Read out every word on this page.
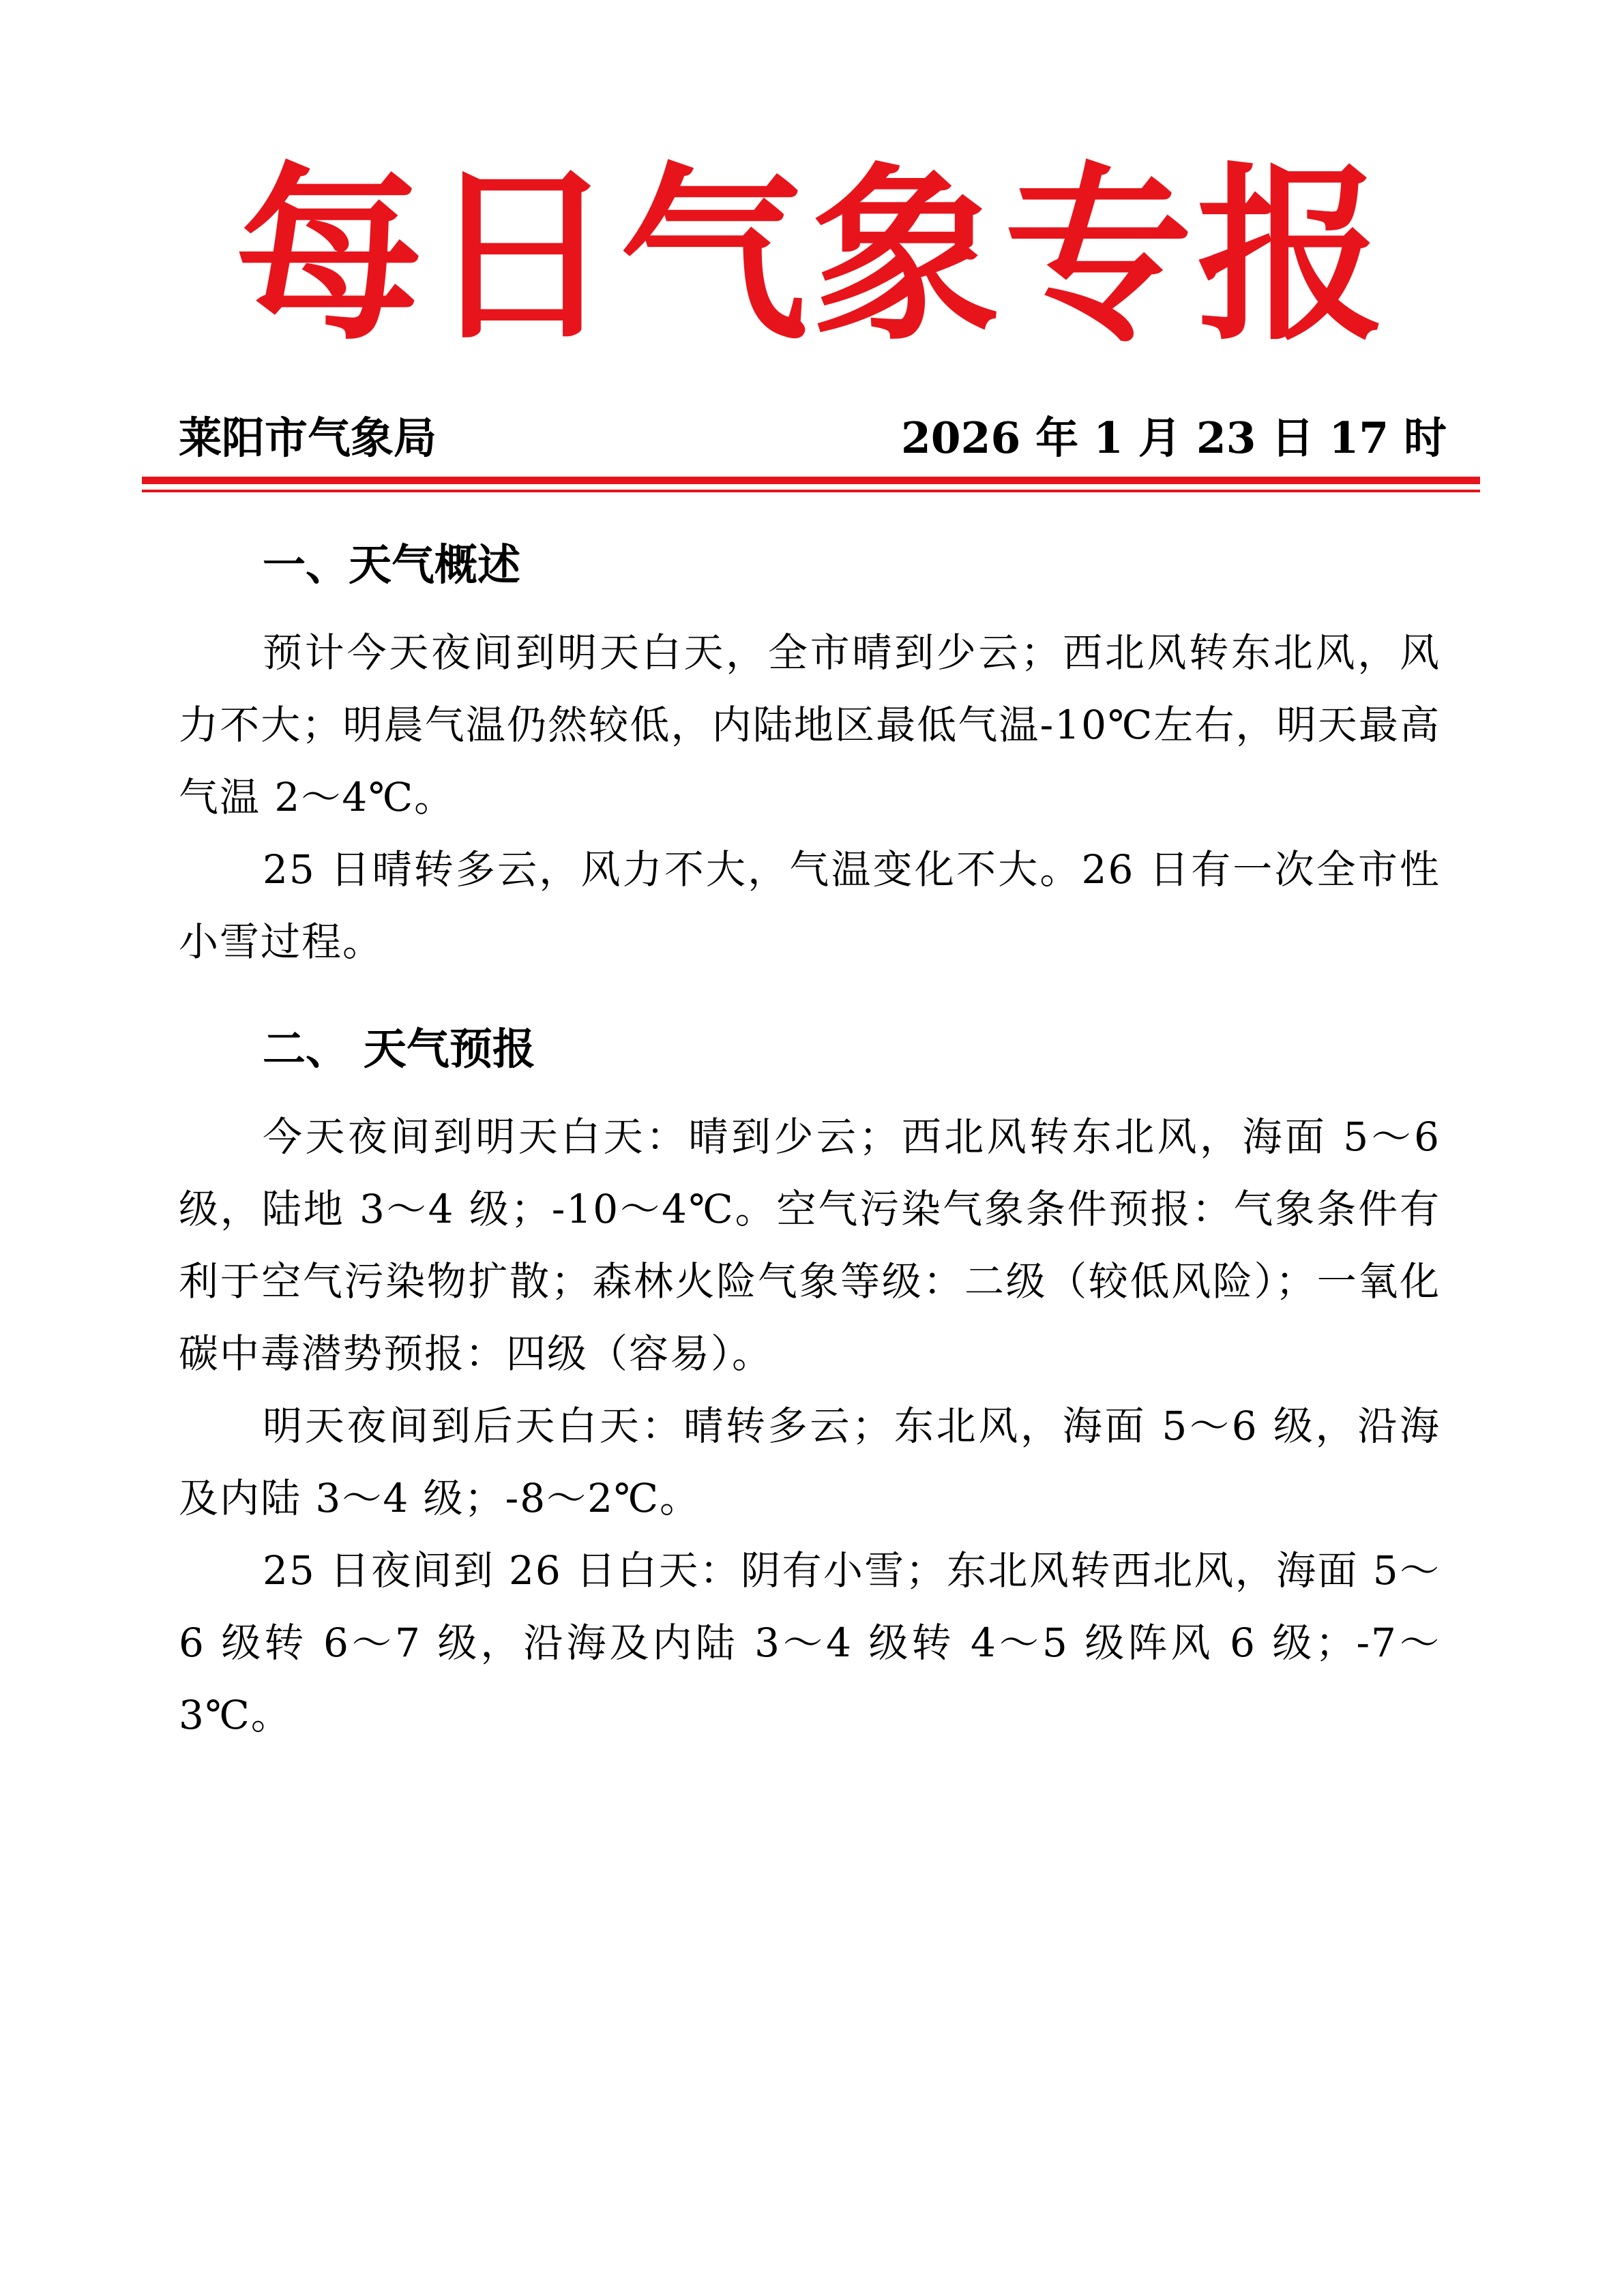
每日气象专报
莱阳市气象局	2026 年 1 月 23 日 17 时
一、天气概述

预计今天夜间到明天白天，全市晴到少云；西北风转东北风，风力不大；明晨气温仍然较低，内陆地区最低气温-10℃左右，明天最高气温 2～4℃。

25 日晴转多云，风力不大，气温变化不大。26 日有一次全市性小雪过程。

二、 天气预报

今天夜间到明天白天：晴到少云；西北风转东北风，海面 5～6 级，陆地 3～4 级；-10～4℃。空气污染气象条件预报：气象条件有利于空气污染物扩散；森林火险气象等级：二级（较低风险）；一氧化碳中毒潜势预报：四级（容易）。

明天夜间到后天白天：晴转多云；东北风，海面 5～6 级，沿海及内陆 3～4 级；-8～2℃。

25 日夜间到 26 日白天：阴有小雪；东北风转西北风，海面 5～6 级转 6～7 级，沿海及内陆 3～4 级转 4～5 级阵风 6 级；-7～3℃。
